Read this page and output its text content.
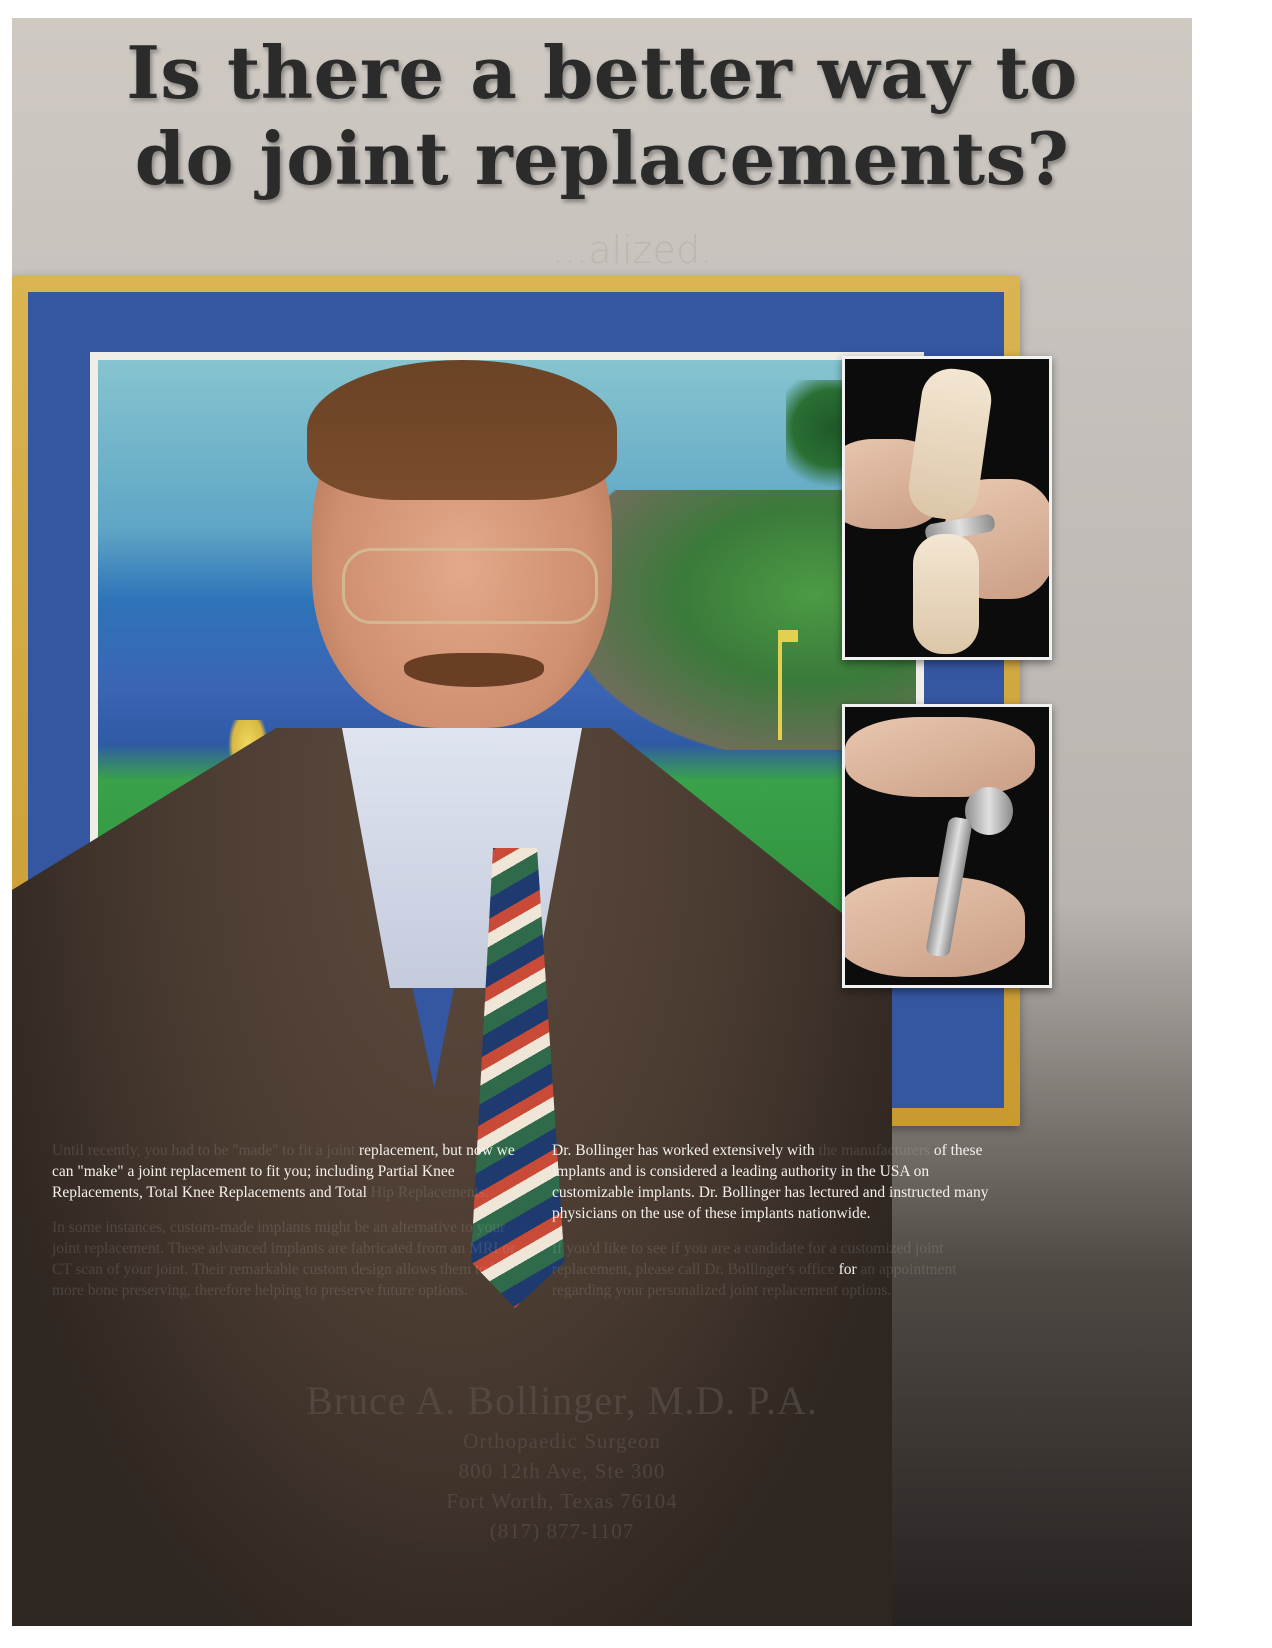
Is there a better way to
do joint replacements?
...alized.

Until recently, you had to be "made" to fit a joint replacement, but now we can "make" a joint replacement to fit you; including Partial Knee Replacements, Total Knee Replacements and Total Hip Replacements.

In some instances, custom-made implants might be an alternative to your joint replacement. These advanced implants are fabricated from an MRI or CT scan of your joint. Their remarkable custom design allows them to be more bone preserving, therefore helping to preserve future options.

Dr. Bollinger has worked extensively with the manufacturers of these implants and is considered a leading authority in the USA on customizable implants. Dr. Bollinger has lectured and instructed many physicians on the use of these implants nationwide.

If you'd like to see if you are a candidate for a customized joint replacement, please call Dr. Bollinger's office for an appointment regarding your personalized joint replacement options.

Bruce A. Bollinger, M.D. P.A.
Orthopaedic Surgeon
800 12th Ave, Ste 300
Fort Worth, Texas 76104
(817) 877-1107
